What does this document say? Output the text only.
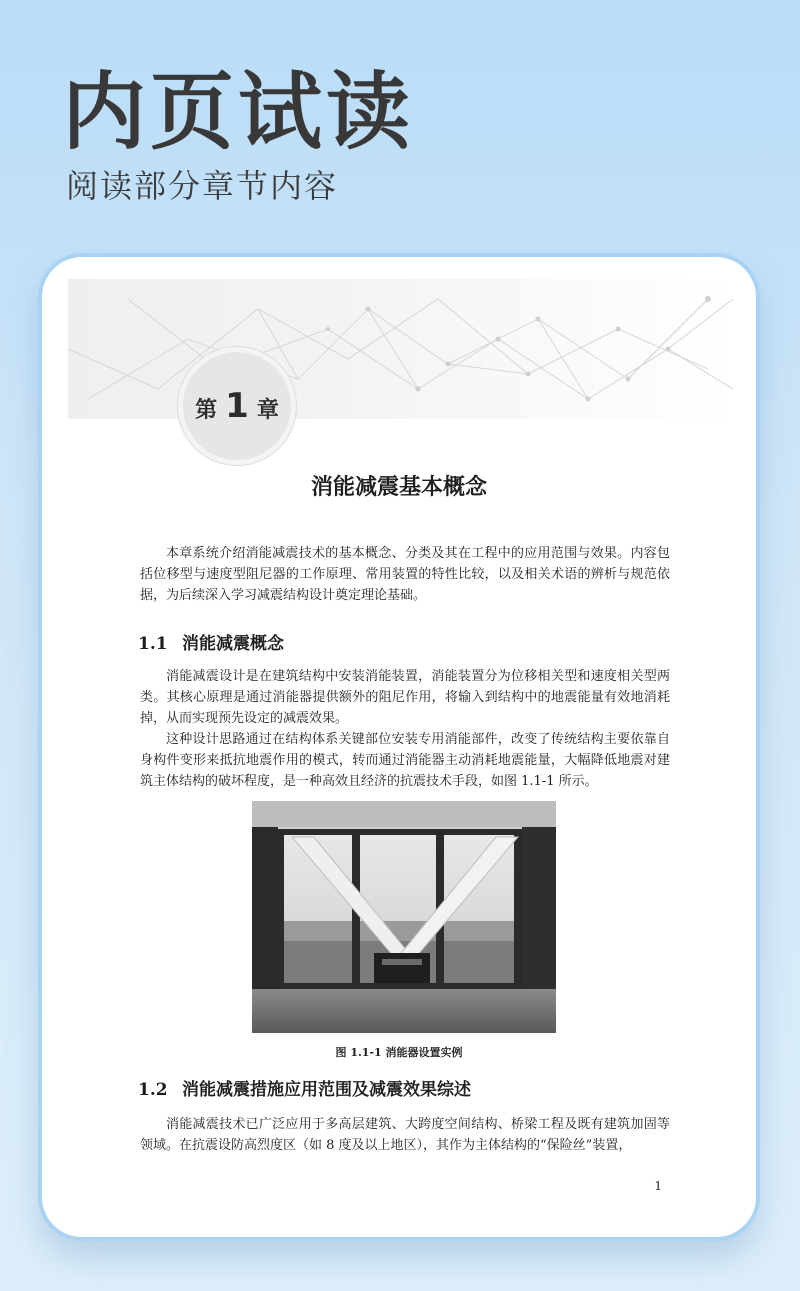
内页试读
阅读部分章节内容
第 1 章
消能减震基本概念

本章系统介绍消能减震技术的基本概念、分类及其在工程中的应用范围与效果。内容包括位移型与速度型阻尼器的工作原理、常用装置的特性比较，以及相关术语的辨析与规范依据，为后续深入学习减震结构设计奠定理论基础。

1.1 消能减震概念

消能减震设计是在建筑结构中安装消能装置，消能装置分为位移相关型和速度相关型两类。其核心原理是通过消能器提供额外的阻尼作用，将输入到结构中的地震能量有效地消耗掉，从而实现预先设定的减震效果。

这种设计思路通过在结构体系关键部位安装专用消能部件，改变了传统结构主要依靠自身构件变形来抵抗地震作用的模式，转而通过消能器主动消耗地震能量，大幅降低地震对建筑主体结构的破坏程度，是一种高效且经济的抗震技术手段，如图 1.1-1 所示。

图 1.1-1 消能器设置实例
1.2 消能减震措施应用范围及减震效果综述

消能减震技术已广泛应用于多高层建筑、大跨度空间结构、桥梁工程及既有建筑加固等领域。在抗震设防高烈度区（如 8 度及以上地区），其作为主体结构的“保险丝”装置，

1
